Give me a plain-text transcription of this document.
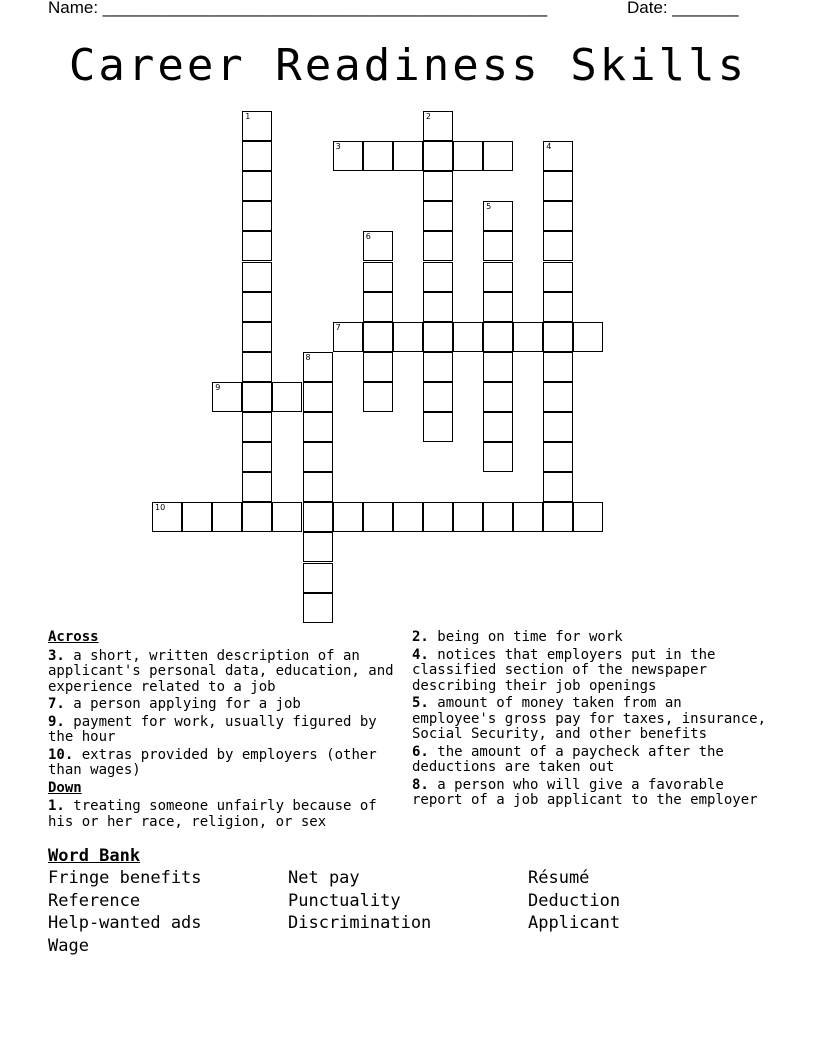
Name: _______________________________________________	Date: _______
Career Readiness Skills
1	2
3	4
5
6
7
8
9
10
Across
3. a short, written description of an applicant's personal data, education, and experience related to a job
7. a person applying for a job
9. payment for work, usually figured by the hour
10. extras provided by employers (other than wages)
Down
1. treating someone unfairly because of his or her race, religion, or sex
2. being on time for work
4. notices that employers put in the classified section of the newspaper describing their job openings
5. amount of money taken from an employee's gross pay for taxes, insurance, Social Security, and other benefits
6. the amount of a paycheck after the deductions are taken out
8. a person who will give a favorable report of a job applicant to the employer
Word Bank
Fringe benefits	Net pay	Résumé
Reference	Punctuality	Deduction
Help-wanted ads	Discrimination	Applicant
Wage
